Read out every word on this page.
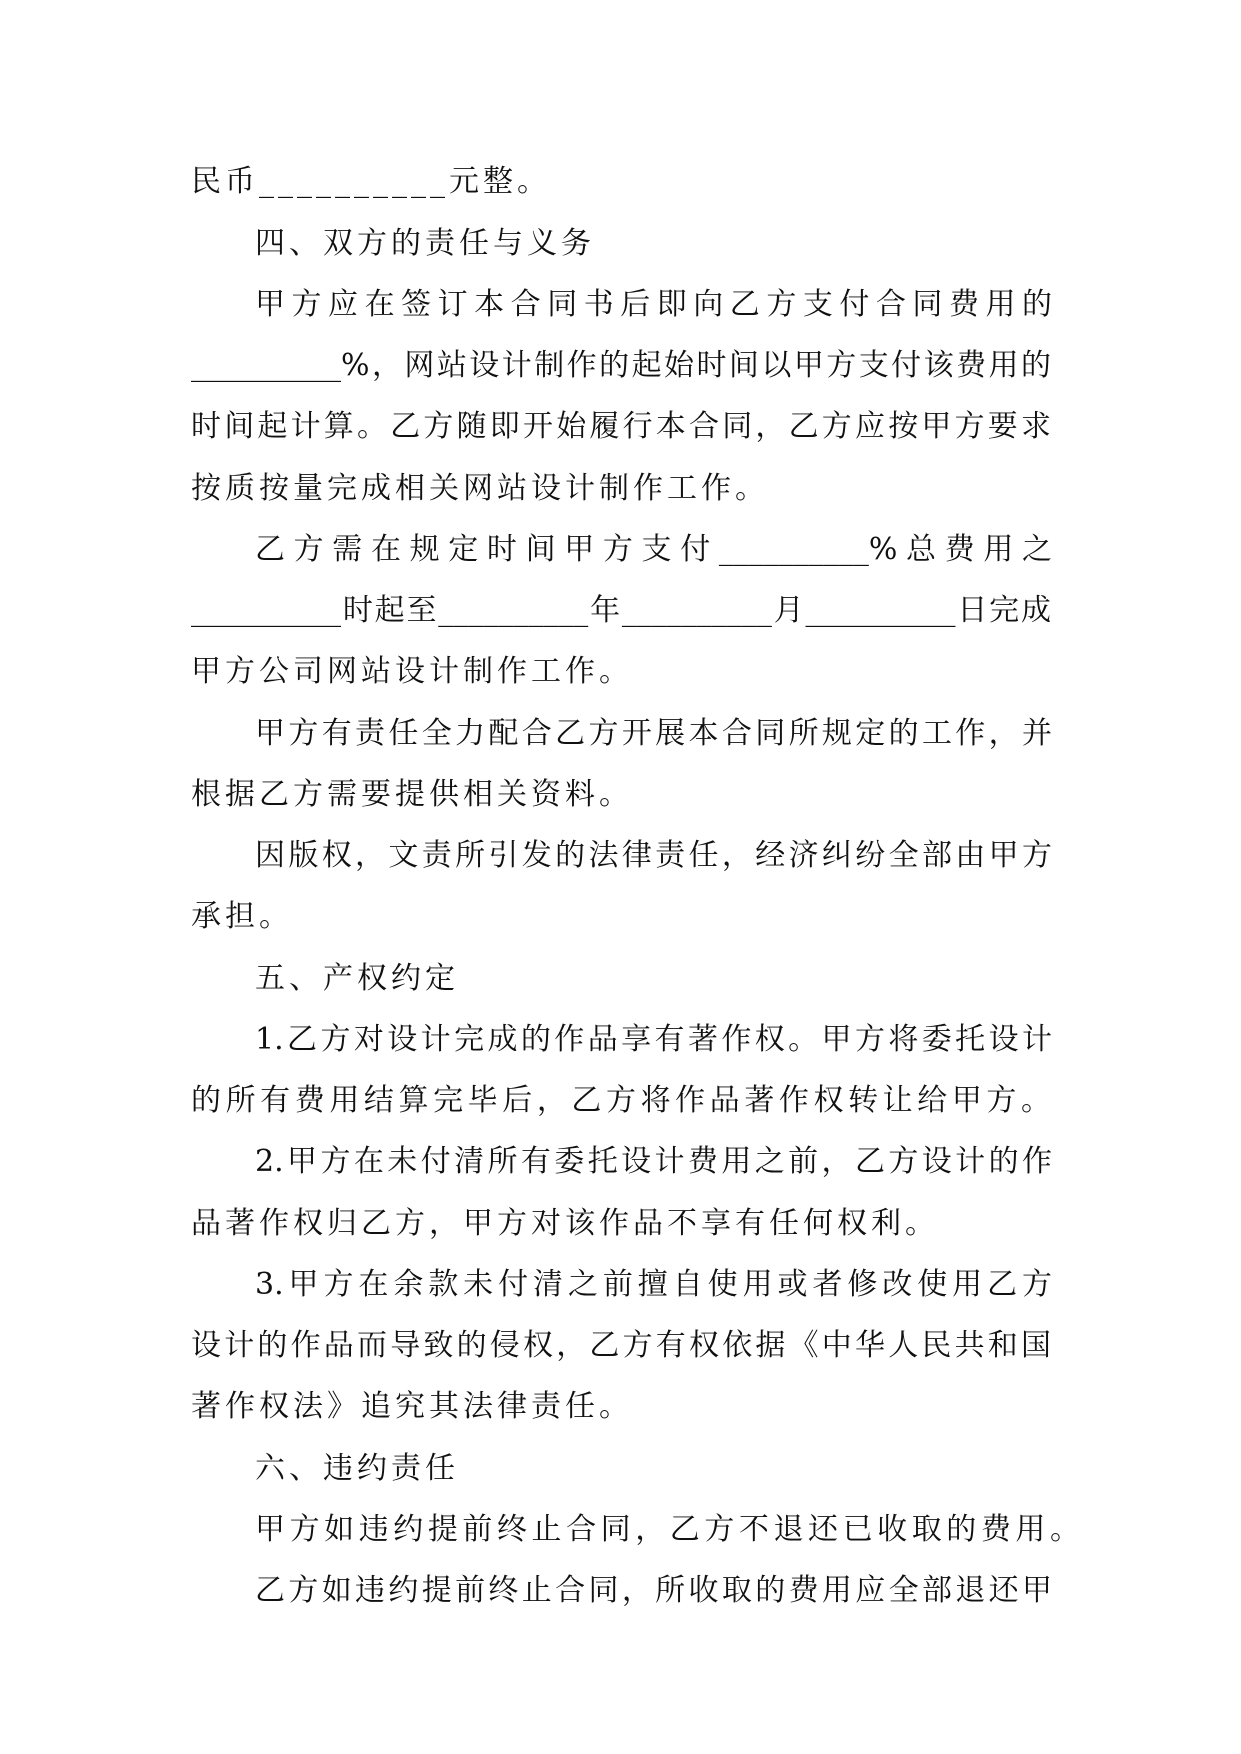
民币__________元整。
四、双方的责任与义务
甲方应在签订本合同书后即向乙方支付合同费用的
__________%，网站设计制作的起始时间以甲方支付该费用的
时间起计算。乙方随即开始履行本合同，乙方应按甲方要求
按质按量完成相关网站设计制作工作。
乙方需在规定时间甲方支付__________%总费用之
__________时起至__________年__________月__________日完成
甲方公司网站设计制作工作。
甲方有责任全力配合乙方开展本合同所规定的工作，并
根据乙方需要提供相关资料。
因版权，文责所引发的法律责任，经济纠纷全部由甲方
承担。
五、产权约定
1.乙方对设计完成的作品享有著作权。甲方将委托设计
的所有费用结算完毕后，乙方将作品著作权转让给甲方。
2.甲方在未付清所有委托设计费用之前，乙方设计的作
品著作权归乙方，甲方对该作品不享有任何权利。
3.甲方在余款未付清之前擅自使用或者修改使用乙方
设计的作品而导致的侵权，乙方有权依据《中华人民共和国
著作权法》追究其法律责任。
六、违约责任
甲方如违约提前终止合同，乙方不退还已收取的费用。
乙方如违约提前终止合同，所收取的费用应全部退还甲
